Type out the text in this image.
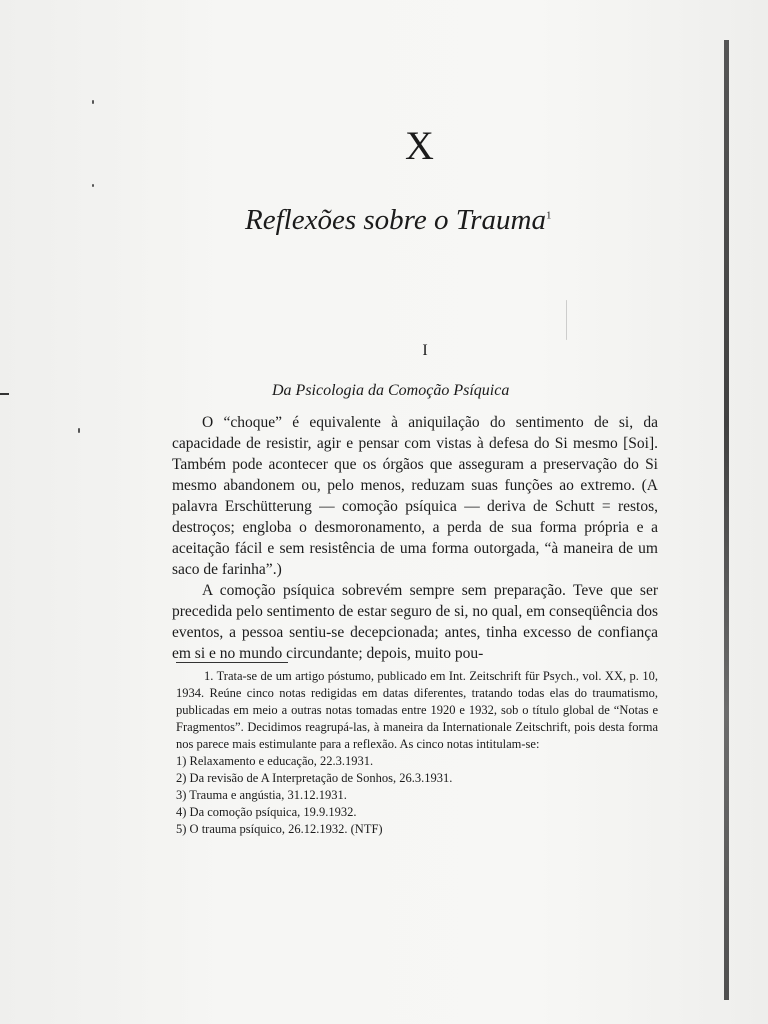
X
Reflexões sobre o Trauma$^1$
I
Da Psicologia da Comoção Psíquica

O “choque” é equivalente à aniquilação do sentimento de si, da capacidade de resistir, agir e pensar com vistas à defesa do Si mesmo [Soi]. Também pode acontecer que os órgãos que asseguram a preservação do Si mesmo abandonem ou, pelo menos, reduzam suas funções ao extremo. (A palavra Erschütterung — comoção psíquica — deriva de Schutt = restos, destroços; engloba o desmoronamento, a perda de sua forma própria e a aceitação fácil e sem resistência de uma forma outorgada, “à maneira de um saco de farinha”.)

A comoção psíquica sobrevém sempre sem preparação. Teve que ser precedida pelo sentimento de estar seguro de si, no qual, em conseqüência dos eventos, a pessoa sentiu-se decepcionada; antes, tinha excesso de confiança em si e no mundo circundante; depois, muito pou-

1. Trata-se de um artigo póstumo, publicado em Int. Zeitschrift für Psych., vol. XX, p. 10, 1934. Reúne cinco notas redigidas em datas diferentes, tratando todas elas do traumatismo, publicadas em meio a outras notas tomadas entre 1920 e 1932, sob o título global de “Notas e Fragmentos”. Decidimos reagrupá-las, à maneira da Internationale Zeitschrift, pois desta forma nos parece mais estimulante para a reflexão. As cinco notas intitulam-se:

1) Relaxamento e educação, 22.3.1931.
2) Da revisão de A Interpretação de Sonhos, 26.3.1931.
3) Trauma e angústia, 31.12.1931.
4) Da comoção psíquica, 19.9.1932.
5) O trauma psíquico, 26.12.1932. (NTF)
